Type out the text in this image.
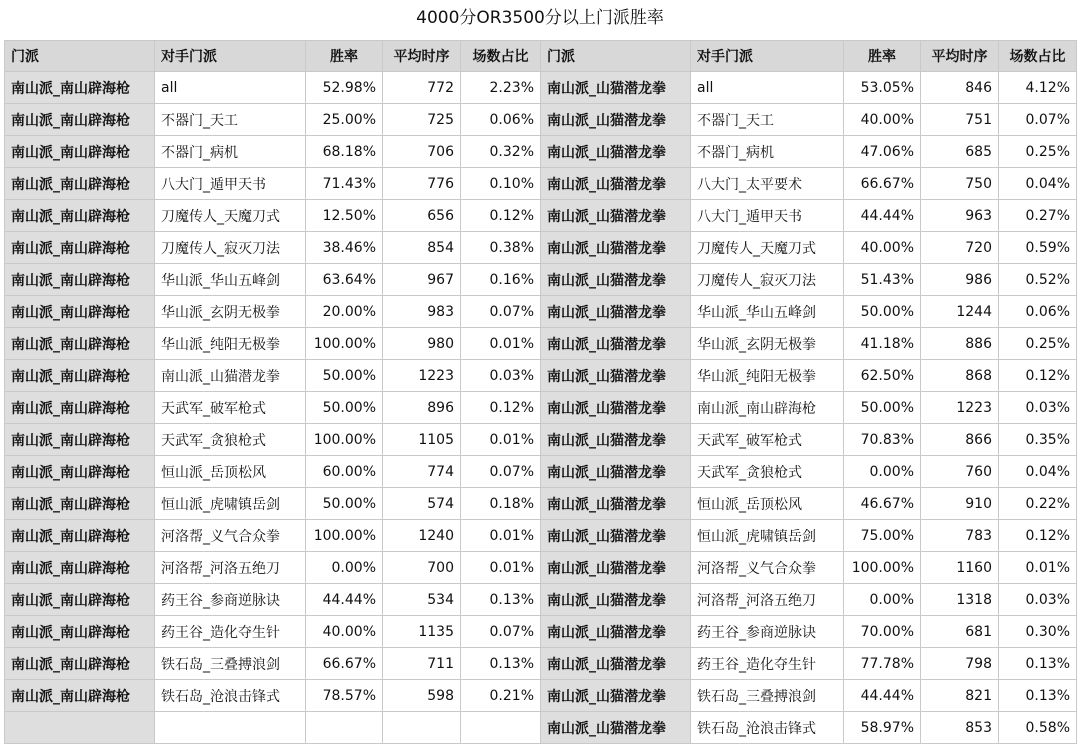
4000分OR3500分以上门派胜率
门派	对手门派	胜率	平均时序	场数占比	门派	对手门派	胜率	平均时序	场数占比
南山派_南山辟海枪	all	52.98%	772	2.23%	南山派_山猫潜龙拳	all	53.05%	846	4.12%
南山派_南山辟海枪	不器门_天工	25.00%	725	0.06%	南山派_山猫潜龙拳	不器门_天工	40.00%	751	0.07%
南山派_南山辟海枪	不器门_病机	68.18%	706	0.32%	南山派_山猫潜龙拳	不器门_病机	47.06%	685	0.25%
南山派_南山辟海枪	八大门_遁甲天书	71.43%	776	0.10%	南山派_山猫潜龙拳	八大门_太平要术	66.67%	750	0.04%
南山派_南山辟海枪	刀魔传人_天魔刀式	12.50%	656	0.12%	南山派_山猫潜龙拳	八大门_遁甲天书	44.44%	963	0.27%
南山派_南山辟海枪	刀魔传人_寂灭刀法	38.46%	854	0.38%	南山派_山猫潜龙拳	刀魔传人_天魔刀式	40.00%	720	0.59%
南山派_南山辟海枪	华山派_华山五峰剑	63.64%	967	0.16%	南山派_山猫潜龙拳	刀魔传人_寂灭刀法	51.43%	986	0.52%
南山派_南山辟海枪	华山派_玄阴无极拳	20.00%	983	0.07%	南山派_山猫潜龙拳	华山派_华山五峰剑	50.00%	1244	0.06%
南山派_南山辟海枪	华山派_纯阳无极拳	100.00%	980	0.01%	南山派_山猫潜龙拳	华山派_玄阴无极拳	41.18%	886	0.25%
南山派_南山辟海枪	南山派_山猫潜龙拳	50.00%	1223	0.03%	南山派_山猫潜龙拳	华山派_纯阳无极拳	62.50%	868	0.12%
南山派_南山辟海枪	天武军_破军枪式	50.00%	896	0.12%	南山派_山猫潜龙拳	南山派_南山辟海枪	50.00%	1223	0.03%
南山派_南山辟海枪	天武军_贪狼枪式	100.00%	1105	0.01%	南山派_山猫潜龙拳	天武军_破军枪式	70.83%	866	0.35%
南山派_南山辟海枪	恒山派_岳顶松风	60.00%	774	0.07%	南山派_山猫潜龙拳	天武军_贪狼枪式	0.00%	760	0.04%
南山派_南山辟海枪	恒山派_虎啸镇岳剑	50.00%	574	0.18%	南山派_山猫潜龙拳	恒山派_岳顶松风	46.67%	910	0.22%
南山派_南山辟海枪	河洛帮_义气合众拳	100.00%	1240	0.01%	南山派_山猫潜龙拳	恒山派_虎啸镇岳剑	75.00%	783	0.12%
南山派_南山辟海枪	河洛帮_河洛五绝刀	0.00%	700	0.01%	南山派_山猫潜龙拳	河洛帮_义气合众拳	100.00%	1160	0.01%
南山派_南山辟海枪	药王谷_参商逆脉诀	44.44%	534	0.13%	南山派_山猫潜龙拳	河洛帮_河洛五绝刀	0.00%	1318	0.03%
南山派_南山辟海枪	药王谷_造化夺生针	40.00%	1135	0.07%	南山派_山猫潜龙拳	药王谷_参商逆脉诀	70.00%	681	0.30%
南山派_南山辟海枪	铁石岛_三叠搏浪剑	66.67%	711	0.13%	南山派_山猫潜龙拳	药王谷_造化夺生针	77.78%	798	0.13%
南山派_南山辟海枪	铁石岛_沧浪击锋式	78.57%	598	0.21%	南山派_山猫潜龙拳	铁石岛_三叠搏浪剑	44.44%	821	0.13%
					南山派_山猫潜龙拳	铁石岛_沧浪击锋式	58.97%	853	0.58%
